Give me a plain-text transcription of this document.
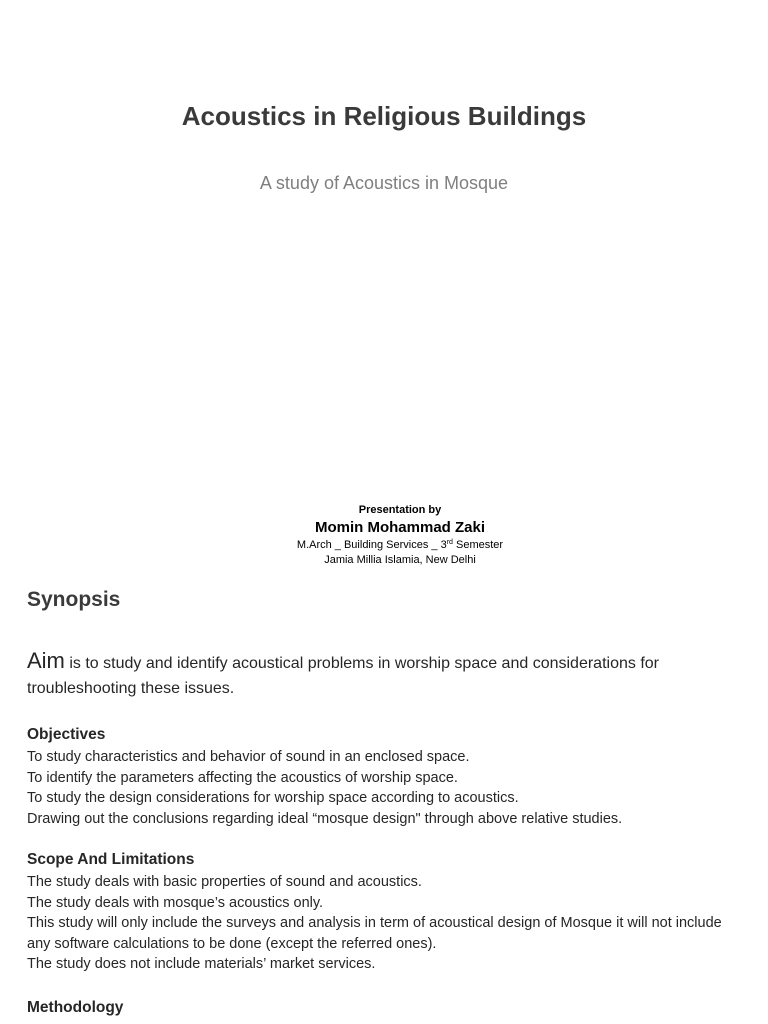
Acoustics in Religious Buildings
A study of Acoustics in Mosque
Presentation by
Momin Mohammad Zaki
M.Arch _ Building Services _ 3rd Semester
Jamia Millia Islamia, New Delhi
Synopsis
Aim is to study and identify acoustical problems in worship space and considerations for troubleshooting these issues.
Objectives
To study characteristics and behavior of sound in an enclosed space.
To identify the parameters affecting the acoustics of worship space.
To study the design considerations for worship space according to acoustics.
Drawing out the conclusions regarding ideal “mosque design" through above relative studies.
Scope And Limitations
The study deals with basic properties of sound and acoustics.
The study deals with mosque’s acoustics only.
This study will only include the surveys and analysis in term of acoustical design of Mosque it will not include any software calculations to be done (except the referred ones).
The study does not include materials’ market services.
Methodology
